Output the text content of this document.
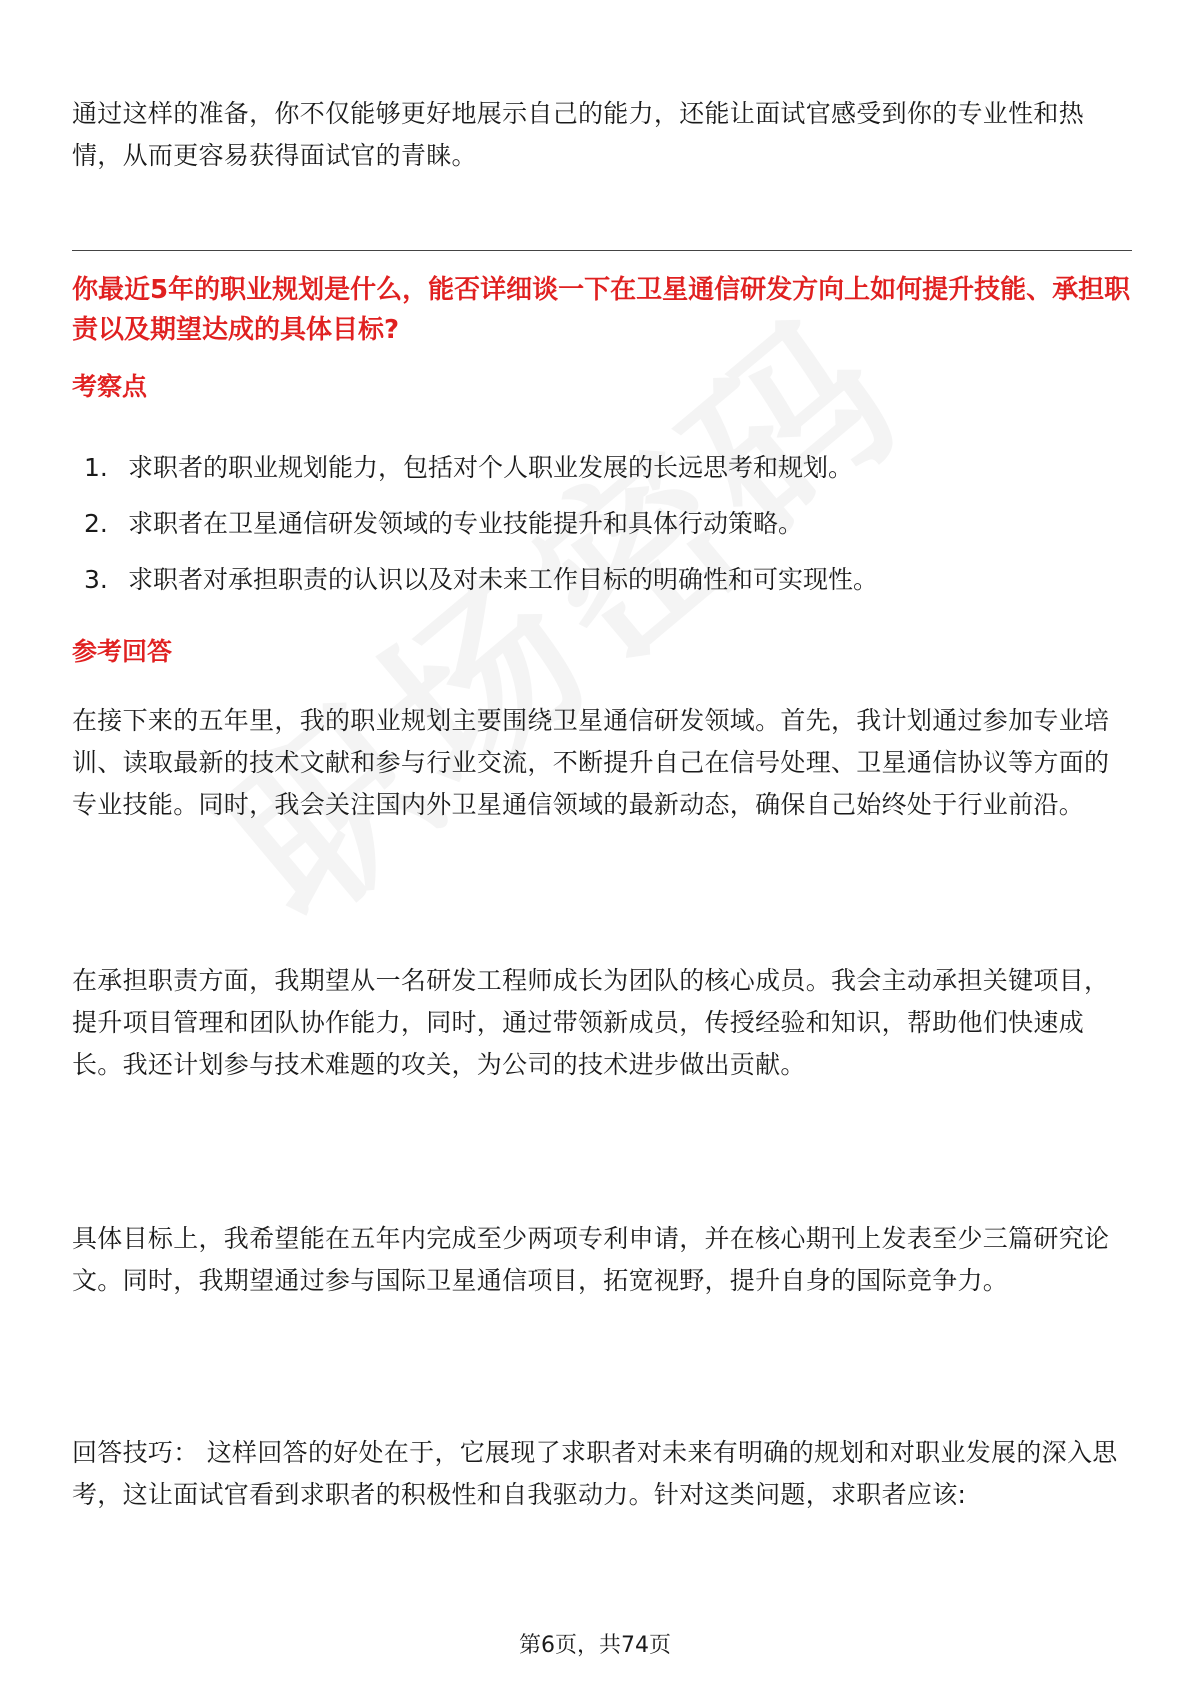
通过这样的准备，你不仅能够更好地展示自己的能力，还能让面试官感受到你的专业性和热情，从而更容易获得面试官的青睐。

你最近5年的职业规划是什么，能否详细谈一下在卫星通信研发方向上如何提升技能、承担职责以及期望达成的具体目标?

考察点

1. 求职者的职业规划能力，包括对个人职业发展的长远思考和规划。
2. 求职者在卫星通信研发领域的专业技能提升和具体行动策略。
3. 求职者对承担职责的认识以及对未来工作目标的明确性和可实现性。

参考回答

在接下来的五年里，我的职业规划主要围绕卫星通信研发领域。首先，我计划通过参加专业培训、读取最新的技术文献和参与行业交流，不断提升自己在信号处理、卫星通信协议等方面的专业技能。同时，我会关注国内外卫星通信领域的最新动态，确保自己始终处于行业前沿。

在承担职责方面，我期望从一名研发工程师成长为团队的核心成员。我会主动承担关键项目，提升项目管理和团队协作能力，同时，通过带领新成员，传授经验和知识，帮助他们快速成长。我还计划参与技术难题的攻关，为公司的技术进步做出贡献。

具体目标上，我希望能在五年内完成至少两项专利申请，并在核心期刊上发表至少三篇研究论文。同时，我期望通过参与国际卫星通信项目，拓宽视野，提升自身的国际竞争力。

回答技巧： 这样回答的好处在于，它展现了求职者对未来有明确的规划和对职业发展的深入思考，这让面试官看到求职者的积极性和自我驱动力。针对这类问题，求职者应该:

第6页，共74页
